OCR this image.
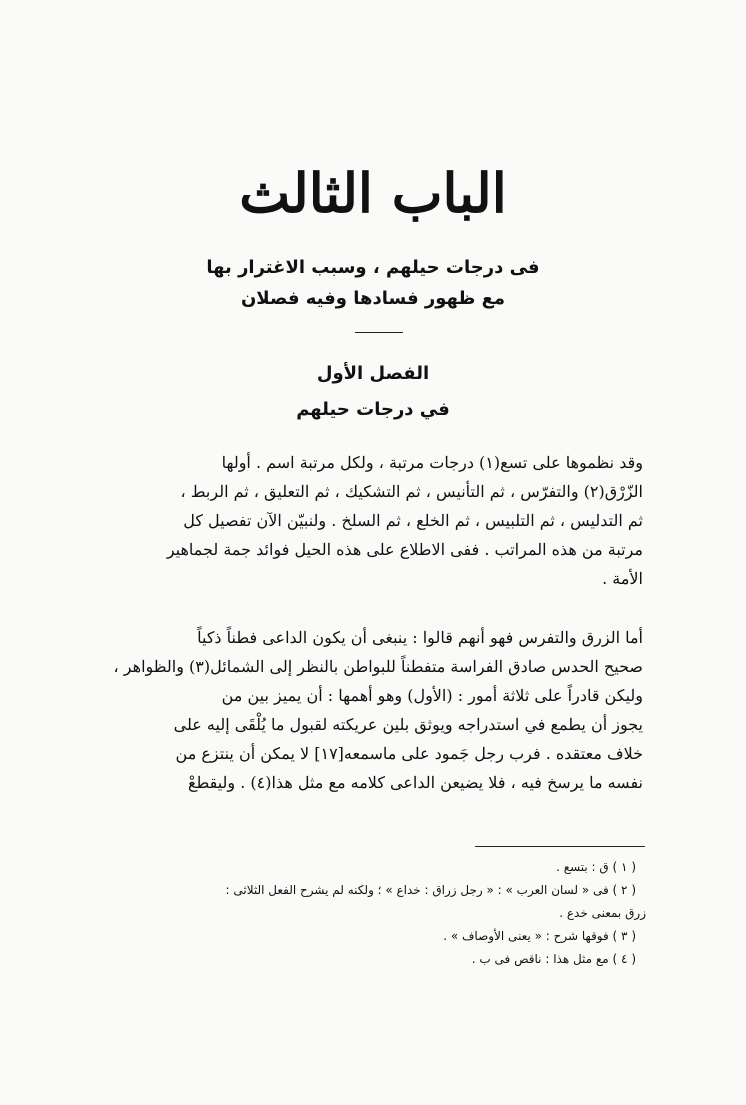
الباب الثالث
فى درجات حيلهم ، وسبب الاغترار بها
مع ظهور فسادها وفيه فصلان
الفصل الأول
في درجات حيلهم
وقد نظموها على تسع(١) درجات مرتبة ، ولكل مرتبة اسم . أولها
الزّرْق(٢) والتفرّس ، ثم التأنيس ، ثم التشكيك ، ثم التعليق ، ثم الربط ،
ثم التدليس ، ثم التلبيس ، ثم الخلع ، ثم السلخ . ولنبيّن الآن تفصيل كل
مرتبة من هذه المراتب . ففى الاطلاع على هذه الحيل فوائد جمة لجماهير
الأمة .
أما الزرق والتفرس فهو أنهم قالوا : ينبغى أن يكون الداعى فطناً ذكياً
صحيح الحدس صادق الفراسة متفطناً للبواطن بالنظر إلى الشمائل(٣) والظواهر ،
وليكن قادراً على ثلاثة أمور : (الأول) وهو أهمها : أن يميز بين من
يجوز أن يطمع في استدراجه ويوثق بلين عريكته لقبول ما يُلْقَى إليه على
خلاف معتقده . فرب رجل جَمود على ماسمعه[١٧] لا يمكن أن ينتزع من
نفسه ما يرسخ فيه ، فلا يضيعن الداعى كلامه مع مثل هذا(٤) . وليقطعْ
( ١ ) ق : بتسع .
( ٢ ) فى « لسان العرب » : « رجل زراق : خداع » ؛ ولكنه لم يشرح الفعل الثلاثى :
زرق بمعنى خدع .
( ٣ ) فوقها شرح : « يعنى الأوصاف » .
( ٤ ) مع مثل هذا : ناقص فى ب .
